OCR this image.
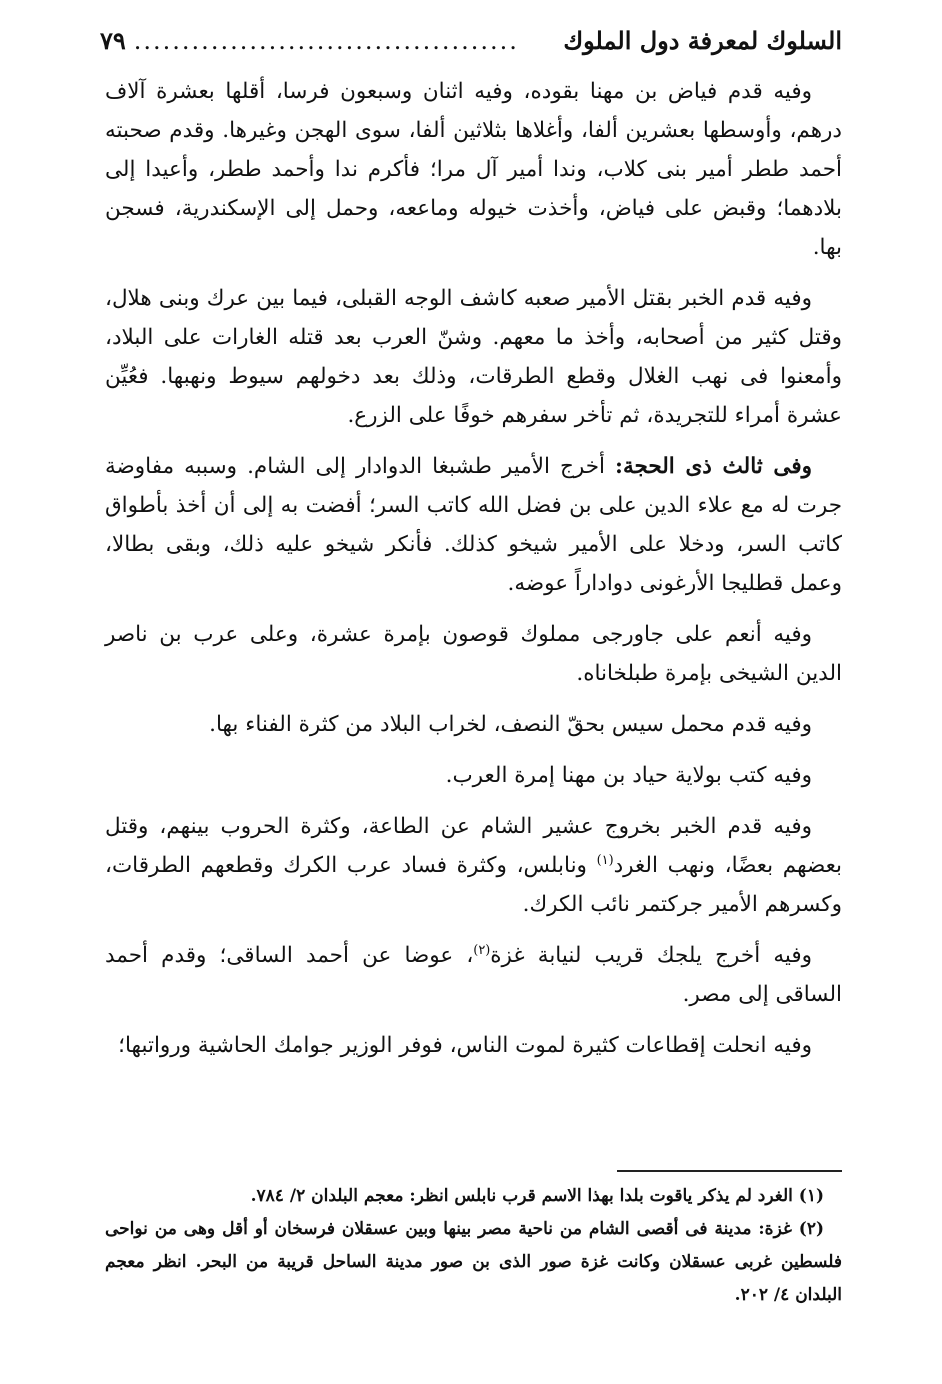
السلوك لمعرفة دول الملوك
........................................
٧٩

وفيه قدم فياض بن مهنا بقوده، وفيه اثنان وسبعون فرسا، أقلها بعشرة آلاف درهم، وأوسطها بعشرين ألفا، وأغلاها بثلاثين ألفا، سوى الهجن وغيرها. وقدم صحبته أحمد ططر أمير بنى كلاب، وندا أمير آل مرا؛ فأكرم ندا وأحمد ططر، وأعيدا إلى بلادهما؛ وقبض على فياض، وأخذت خيوله وماععه، وحمل إلى الإسكندرية، فسجن بها.

وفيه قدم الخبر بقتل الأمير صعبه كاشف الوجه القبلى، فيما بين عرك وبنى هلال، وقتل كثير من أصحابه، وأخذ ما معهم. وشنّ العرب بعد قتله الغارات على البلاد، وأمعنوا فى نهب الغلال وقطع الطرقات، وذلك بعد دخولهم سيوط ونهبها. فعُيِّن عشرة أمراء للتجريدة، ثم تأخر سفرهم خوفًا على الزرع.

وفى ثالث ذى الحجة: أخرج الأمير طشبغا الدوادار إلى الشام. وسببه مفاوضة جرت له مع علاء الدين على بن فضل الله كاتب السر؛ أفضت به إلى أن أخذ بأطواق كاتب السر، ودخلا على الأمير شيخو كذلك. فأنكر شيخو عليه ذلك، وبقى بطالا، وعمل قطليجا الأرغونى دواداراً عوضه.

وفيه أنعم على جاورجى مملوك قوصون بإمرة عشرة، وعلى عرب بن ناصر الدين الشيخى بإمرة طبلخاناه.

وفيه قدم محمل سيس بحقّ النصف، لخراب البلاد من كثرة الفناء بها.

وفيه كتب بولاية حياد بن مهنا إمرة العرب.

وفيه قدم الخبر بخروج عشير الشام عن الطاعة، وكثرة الحروب بينهم، وقتل بعضهم بعضًا، ونهب الغرد$^{(١)}$ ونابلس، وكثرة فساد عرب الكرك وقطعهم الطرقات، وكسرهم الأمير جركتمر نائب الكرك.

وفيه أخرج يلجك قريب لنيابة غزة$^{(٢)}$، عوضا عن أحمد الساقى؛ وقدم أحمد الساقى إلى مصر.

وفيه انحلت إقطاعات كثيرة لموت الناس، فوفر الوزير جوامك الحاشية ورواتبها؛

(١) الغرد لم يذكر ياقوت بلدا بهذا الاسم قرب نابلس انظر: معجم البلدان ٢/ ٧٨٤.

(٢) غزة: مدينة فى أقصى الشام من ناحية مصر بينها وبين عسقلان فرسخان أو أقل وهى من نواحى فلسطين غربى عسقلان وكانت غزة صور الذى بن صور مدينة الساحل قريبة من البحر. انظر معجم البلدان ٤/ ٢٠٢.
